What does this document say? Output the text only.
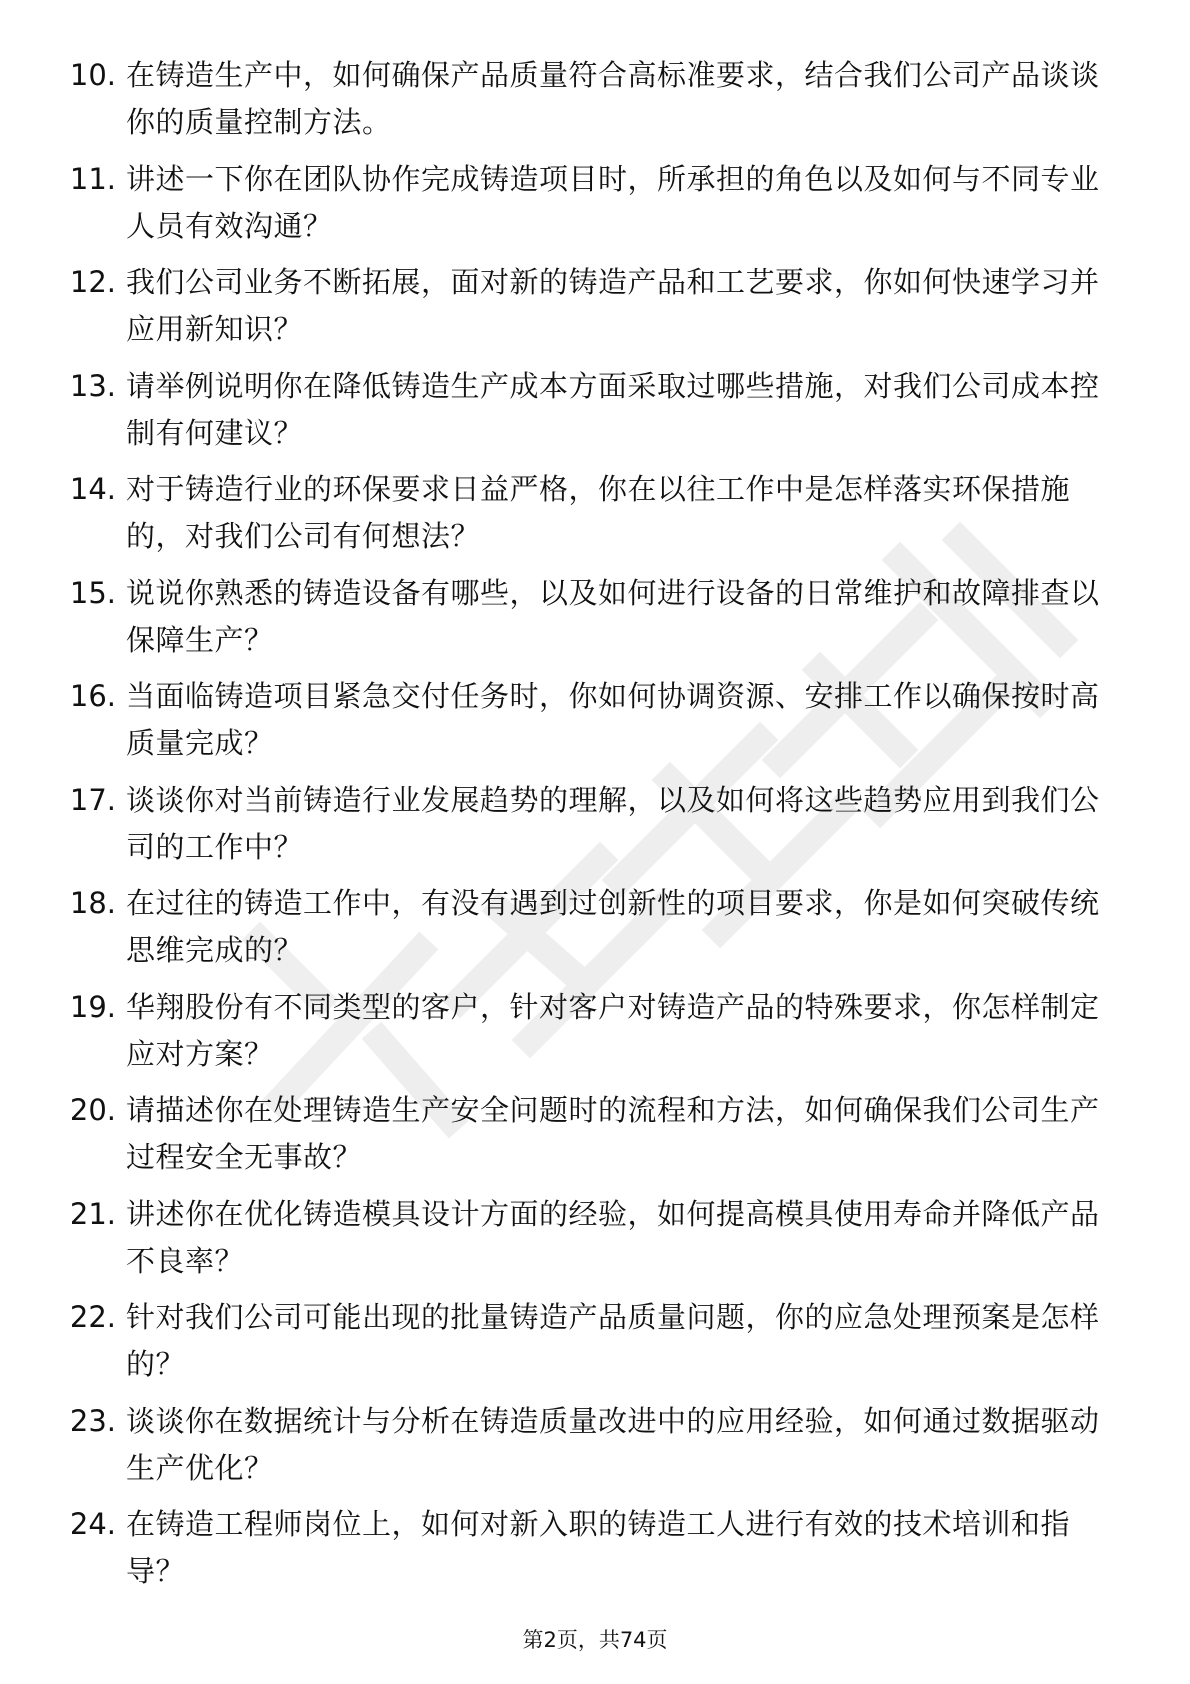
10. 在铸造生产中，如何确保产品质量符合高标准要求，结合我们公司产品谈谈你的质量控制方法。
11. 讲述一下你在团队协作完成铸造项目时，所承担的角色以及如何与不同专业人员有效沟通？
12. 我们公司业务不断拓展，面对新的铸造产品和工艺要求，你如何快速学习并应用新知识？
13. 请举例说明你在降低铸造生产成本方面采取过哪些措施，对我们公司成本控制有何建议？
14. 对于铸造行业的环保要求日益严格，你在以往工作中是怎样落实环保措施的，对我们公司有何想法？
15. 说说你熟悉的铸造设备有哪些，以及如何进行设备的日常维护和故障排查以保障生产？
16. 当面临铸造项目紧急交付任务时，你如何协调资源、安排工作以确保按时高质量完成？
17. 谈谈你对当前铸造行业发展趋势的理解，以及如何将这些趋势应用到我们公司的工作中？
18. 在过往的铸造工作中，有没有遇到过创新性的项目要求，你是如何突破传统思维完成的？
19. 华翔股份有不同类型的客户，针对客户对铸造产品的特殊要求，你怎样制定应对方案？
20. 请描述你在处理铸造生产安全问题时的流程和方法，如何确保我们公司生产过程安全无事故？
21. 讲述你在优化铸造模具设计方面的经验，如何提高模具使用寿命并降低产品不良率？
22. 针对我们公司可能出现的批量铸造产品质量问题，你的应急处理预案是怎样的？
23. 谈谈你在数据统计与分析在铸造质量改进中的应用经验，如何通过数据驱动生产优化？
24. 在铸造工程师岗位上，如何对新入职的铸造工人进行有效的技术培训和指导？
第2页，共74页
